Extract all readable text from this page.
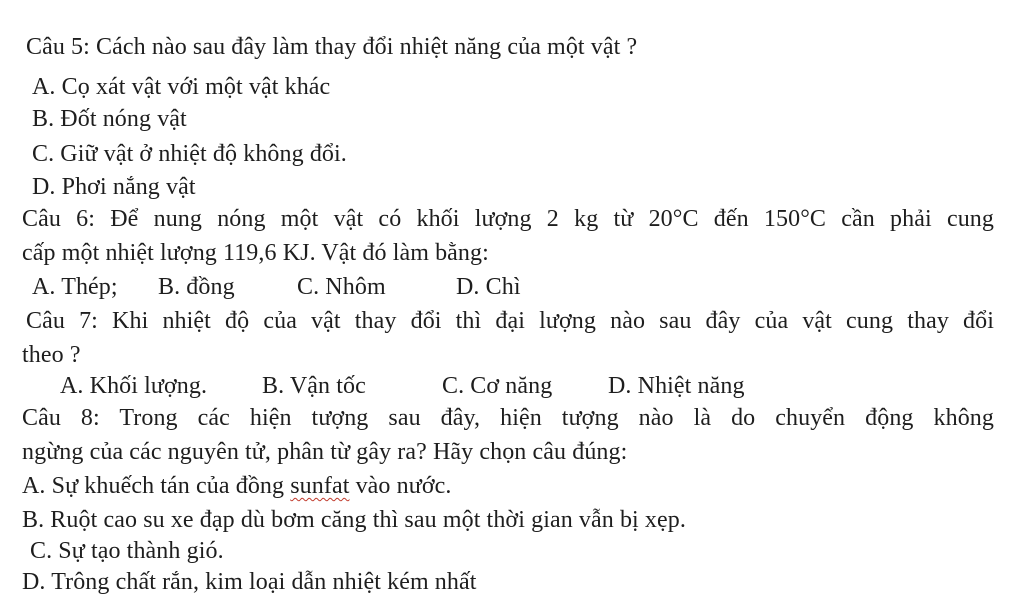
Câu 5: Cách nào sau đây làm thay đổi nhiệt năng của một vật ?
A. Cọ xát vật với một vật khác
B. Đốt nóng vật
C. Giữ vật ở nhiệt độ không đổi.
D. Phơi nắng vật
Câu 6: Để nung nóng một vật có khối lượng 2 kg từ 20°C đến 150°C cần phải cung
cấp một nhiệt lượng 119,6 KJ. Vật đó làm bằng:
A. Thép; B. đồng	C. Nhôm	D. Chì
Câu 7: Khi nhiệt độ của vật thay đổi thì đại lượng nào sau đây của vật cung thay đổi
theo ?
A. Khối lượng. B. Vận tốc	C. Cơ năng D. Nhiệt năng
Câu 8: Trong các hiện tượng sau đây, hiện tượng nào là do chuyển động không
ngừng của các nguyên tử, phân từ gây ra? Hãy chọn câu đúng:
A. Sự khuếch tán của đồng sunfat vào nước.
B. Ruột cao su xe đạp dù bơm căng thì sau một thời gian vẫn bị xẹp.
C. Sự tạo thành gió.
D. Trông chất rắn, kim loại dẫn nhiệt kém nhất
